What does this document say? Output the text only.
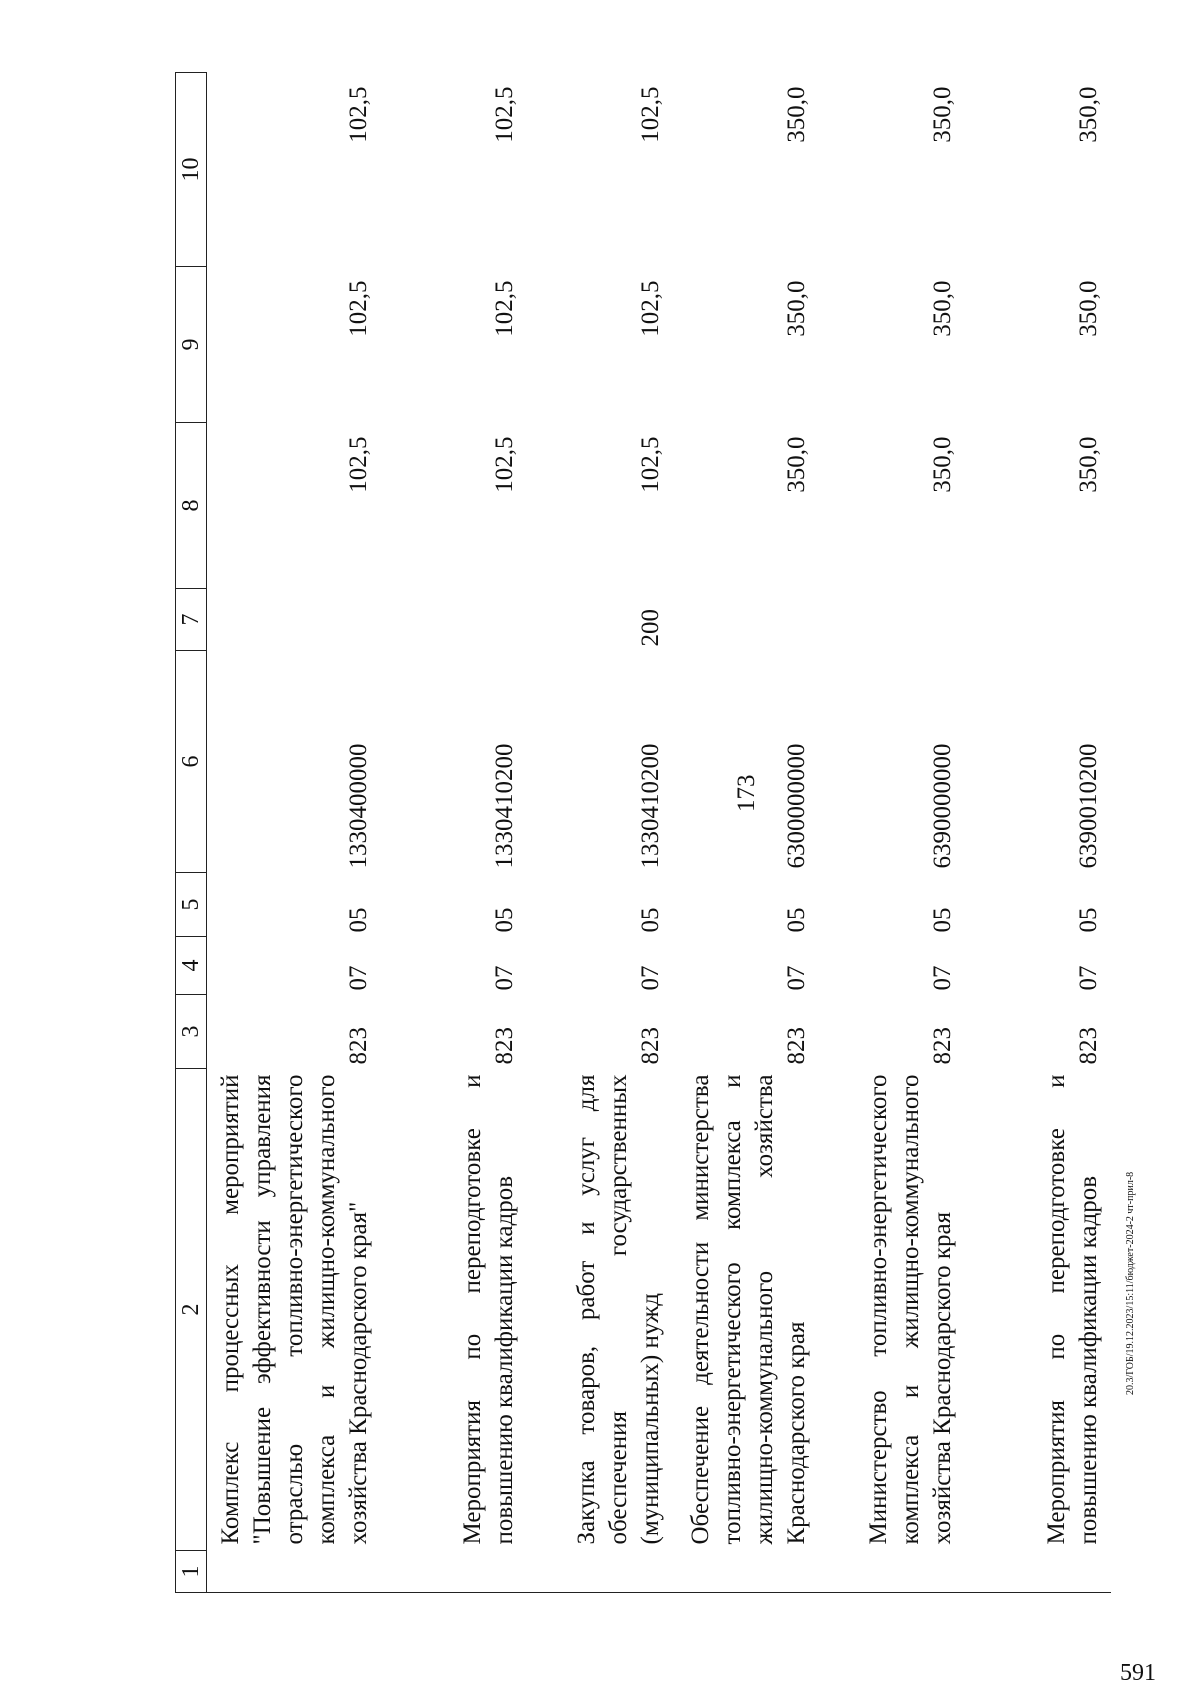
173
591
20.3/ГОБ/19.12.2023/15:11/бюджет-2024-2 чт-прил-8
1	2	3	4	5	6	7	8	9	10
	Комплекс процессных мероприятий "Повышение эффективности управления отраслью топливно-энергетического комплекса и жилищно-коммунального хозяйства Краснодарского края"	823	07	05	1330400000		102,5	102,5	102,5
	Мероприятия по переподготовке и повышению квалификации кадров	823	07	05	1330410200		102,5	102,5	102,5
	Закупка товаров, работ и услуг для обеспечения государственных (муниципальных) нужд	823	07	05	1330410200	200	102,5	102,5	102,5
	Обеспечение деятельности министерства топливно-энергетического комплекса и жилищно-коммунального хозяйства Краснодарского края	823	07	05	6300000000		350,0	350,0	350,0
	Министерство топливно-энергетического комплекса и жилищно-коммунального хозяйства Краснодарского края	823	07	05	6390000000		350,0	350,0	350,0
	Мероприятия по переподготовке и повышению квалификации кадров	823	07	05	6390010200		350,0	350,0	350,0
